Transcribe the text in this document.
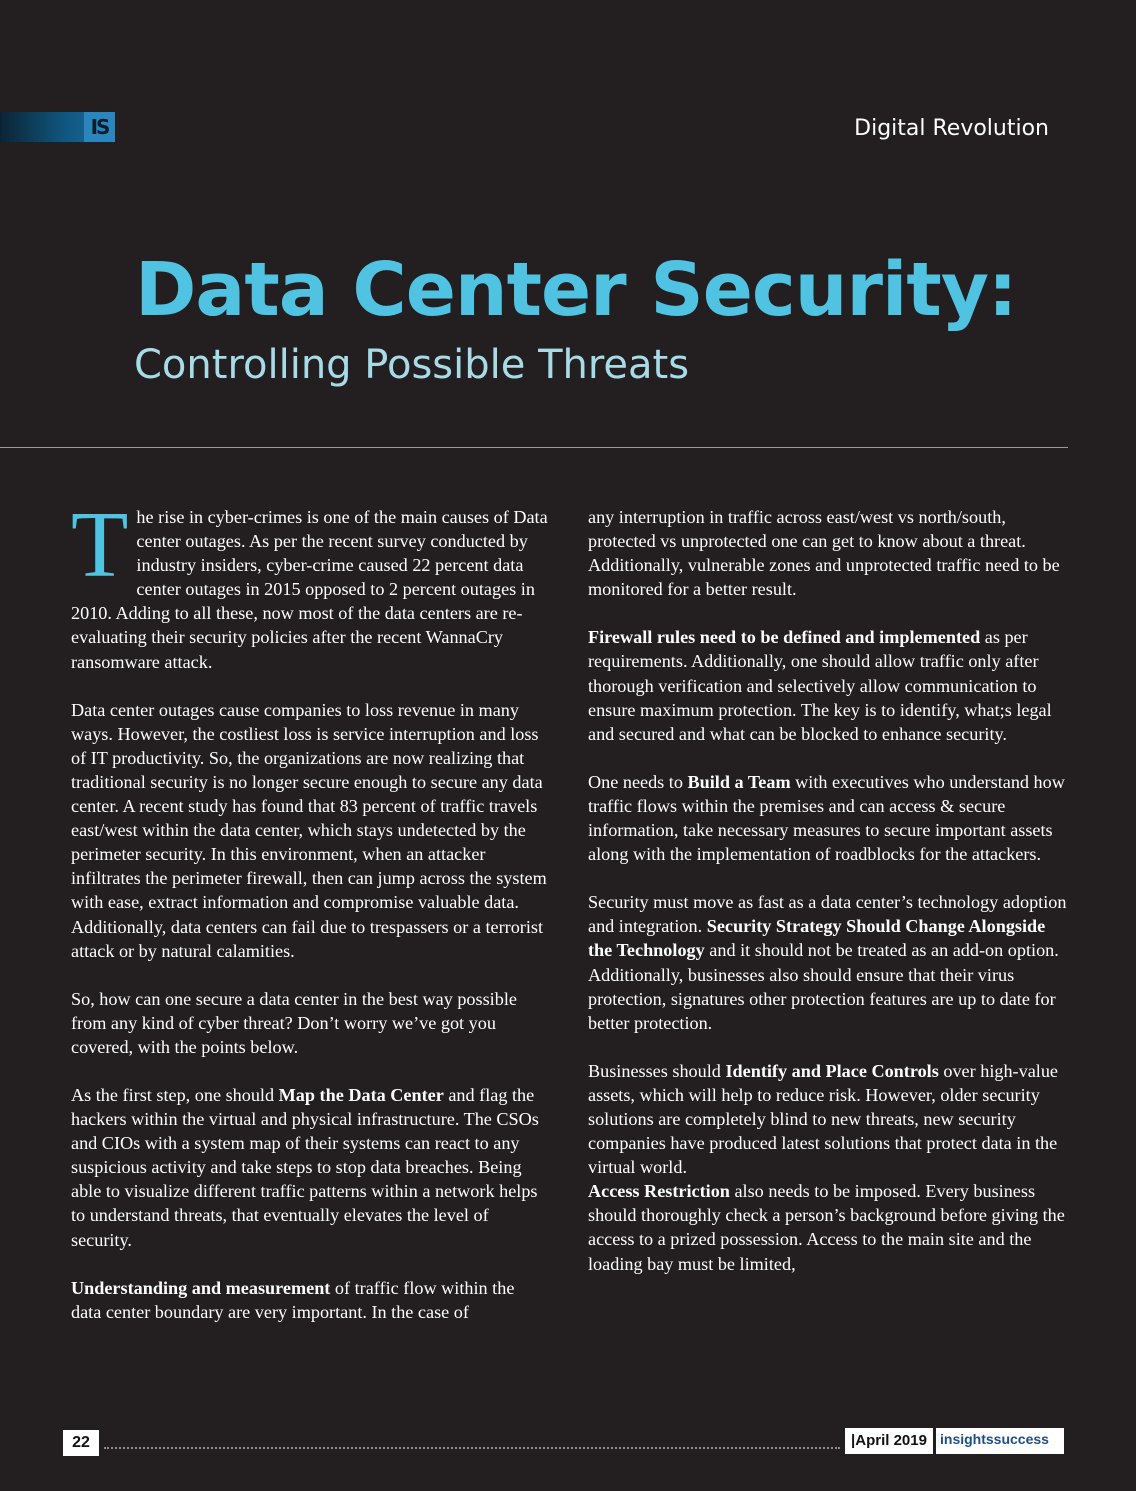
IS	Digital Revolution
Data Center Security:
Controlling Possible Threats

The rise in cyber-crimes is one of the main causes of Data center outages. As per the recent survey conducted by industry insiders, cyber-crime caused 22 percent data center outages in 2015 opposed to 2 percent outages in 2010. Adding to all these, now most of the data centers are re-evaluating their security policies after the recent WannaCry ransomware attack.

Data center outages cause companies to loss revenue in many ways. However, the costliest loss is service interruption and loss of IT productivity. So, the organizations are now realizing that traditional security is no longer secure enough to secure any data center. A recent study has found that 83 percent of traffic travels east/west within the data center, which stays undetected by the perimeter security. In this environment, when an attacker infiltrates the perimeter firewall, then can jump across the system with ease, extract information and compromise valuable data. Additionally, data centers can fail due to trespassers or a terrorist attack or by natural calamities.

So, how can one secure a data center in the best way possible from any kind of cyber threat? Don’t worry we’ve got you covered, with the points below.

As the first step, one should Map the Data Center and flag the hackers within the virtual and physical infrastructure. The CSOs and CIOs with a system map of their systems can react to any suspicious activity and take steps to stop data breaches. Being able to visualize different traffic patterns within a network helps to understand threats, that eventually elevates the level of security.

Understanding and measurement of traffic flow within the data center boundary are very important. In the case of

any interruption in traffic across east/west vs north/south, protected vs unprotected one can get to know about a threat. Additionally, vulnerable zones and unprotected traffic need to be monitored for a better result.

Firewall rules need to be defined and implemented as per requirements. Additionally, one should allow traffic only after thorough verification and selectively allow communication to ensure maximum protection. The key is to identify, what;s legal and secured and what can be blocked to enhance security.

One needs to Build a Team with executives who understand how traffic flows within the premises and can access & secure information, take necessary measures to secure important assets along with the implementation of roadblocks for the attackers.

Security must move as fast as a data center’s technology adoption
and integration. Security Strategy Should Change Alongside the Technology and it should not be treated as an add-on option. Additionally, businesses also should ensure that their virus protection, signatures other protection features are up to date for better protection.

Businesses should Identify and Place Controls over high-value assets, which will help to reduce risk. However, older security solutions are completely blind to new threats, new security companies have produced latest solutions that protect data in the virtual world.

Access Restriction also needs to be imposed. Every business should thoroughly check a person’s background before giving the access to a prized possession. Access to the main site and the loading bay must be limited,

22	|April 2019 insightssuccess
